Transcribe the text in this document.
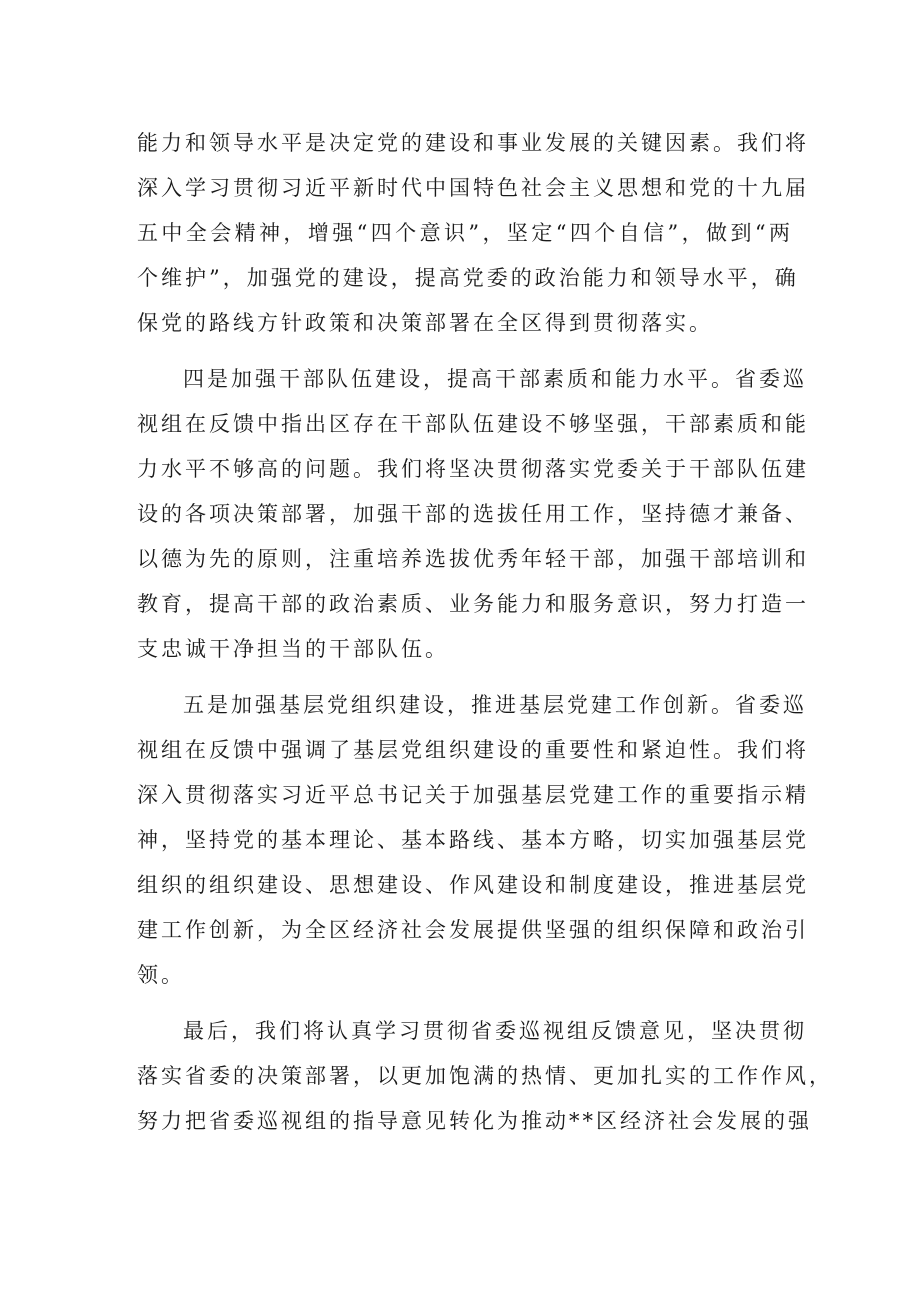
能力和领导水平是决定党的建设和事业发展的关键因素。我们将
深入学习贯彻习近平新时代中国特色社会主义思想和党的十九届
五中全会精神，增强“四个意识”，坚定“四个自信”，做到“两
个维护”，加强党的建设，提高党委的政治能力和领导水平，确
保党的路线方针政策和决策部署在全区得到贯彻落实。
四是加强干部队伍建设，提高干部素质和能力水平。省委巡
视组在反馈中指出区存在干部队伍建设不够坚强，干部素质和能
力水平不够高的问题。我们将坚决贯彻落实党委关于干部队伍建
设的各项决策部署，加强干部的选拔任用工作，坚持德才兼备、
以德为先的原则，注重培养选拔优秀年轻干部，加强干部培训和
教育，提高干部的政治素质、业务能力和服务意识，努力打造一
支忠诚干净担当的干部队伍。
五是加强基层党组织建设，推进基层党建工作创新。省委巡
视组在反馈中强调了基层党组织建设的重要性和紧迫性。我们将
深入贯彻落实习近平总书记关于加强基层党建工作的重要指示精
神，坚持党的基本理论、基本路线、基本方略，切实加强基层党
组织的组织建设、思想建设、作风建设和制度建设，推进基层党
建工作创新，为全区经济社会发展提供坚强的组织保障和政治引
领。
最后，我们将认真学习贯彻省委巡视组反馈意见，坚决贯彻
落实省委的决策部署，以更加饱满的热情、更加扎实的工作作风，
努力把省委巡视组的指导意见转化为推动**区经济社会发展的强
